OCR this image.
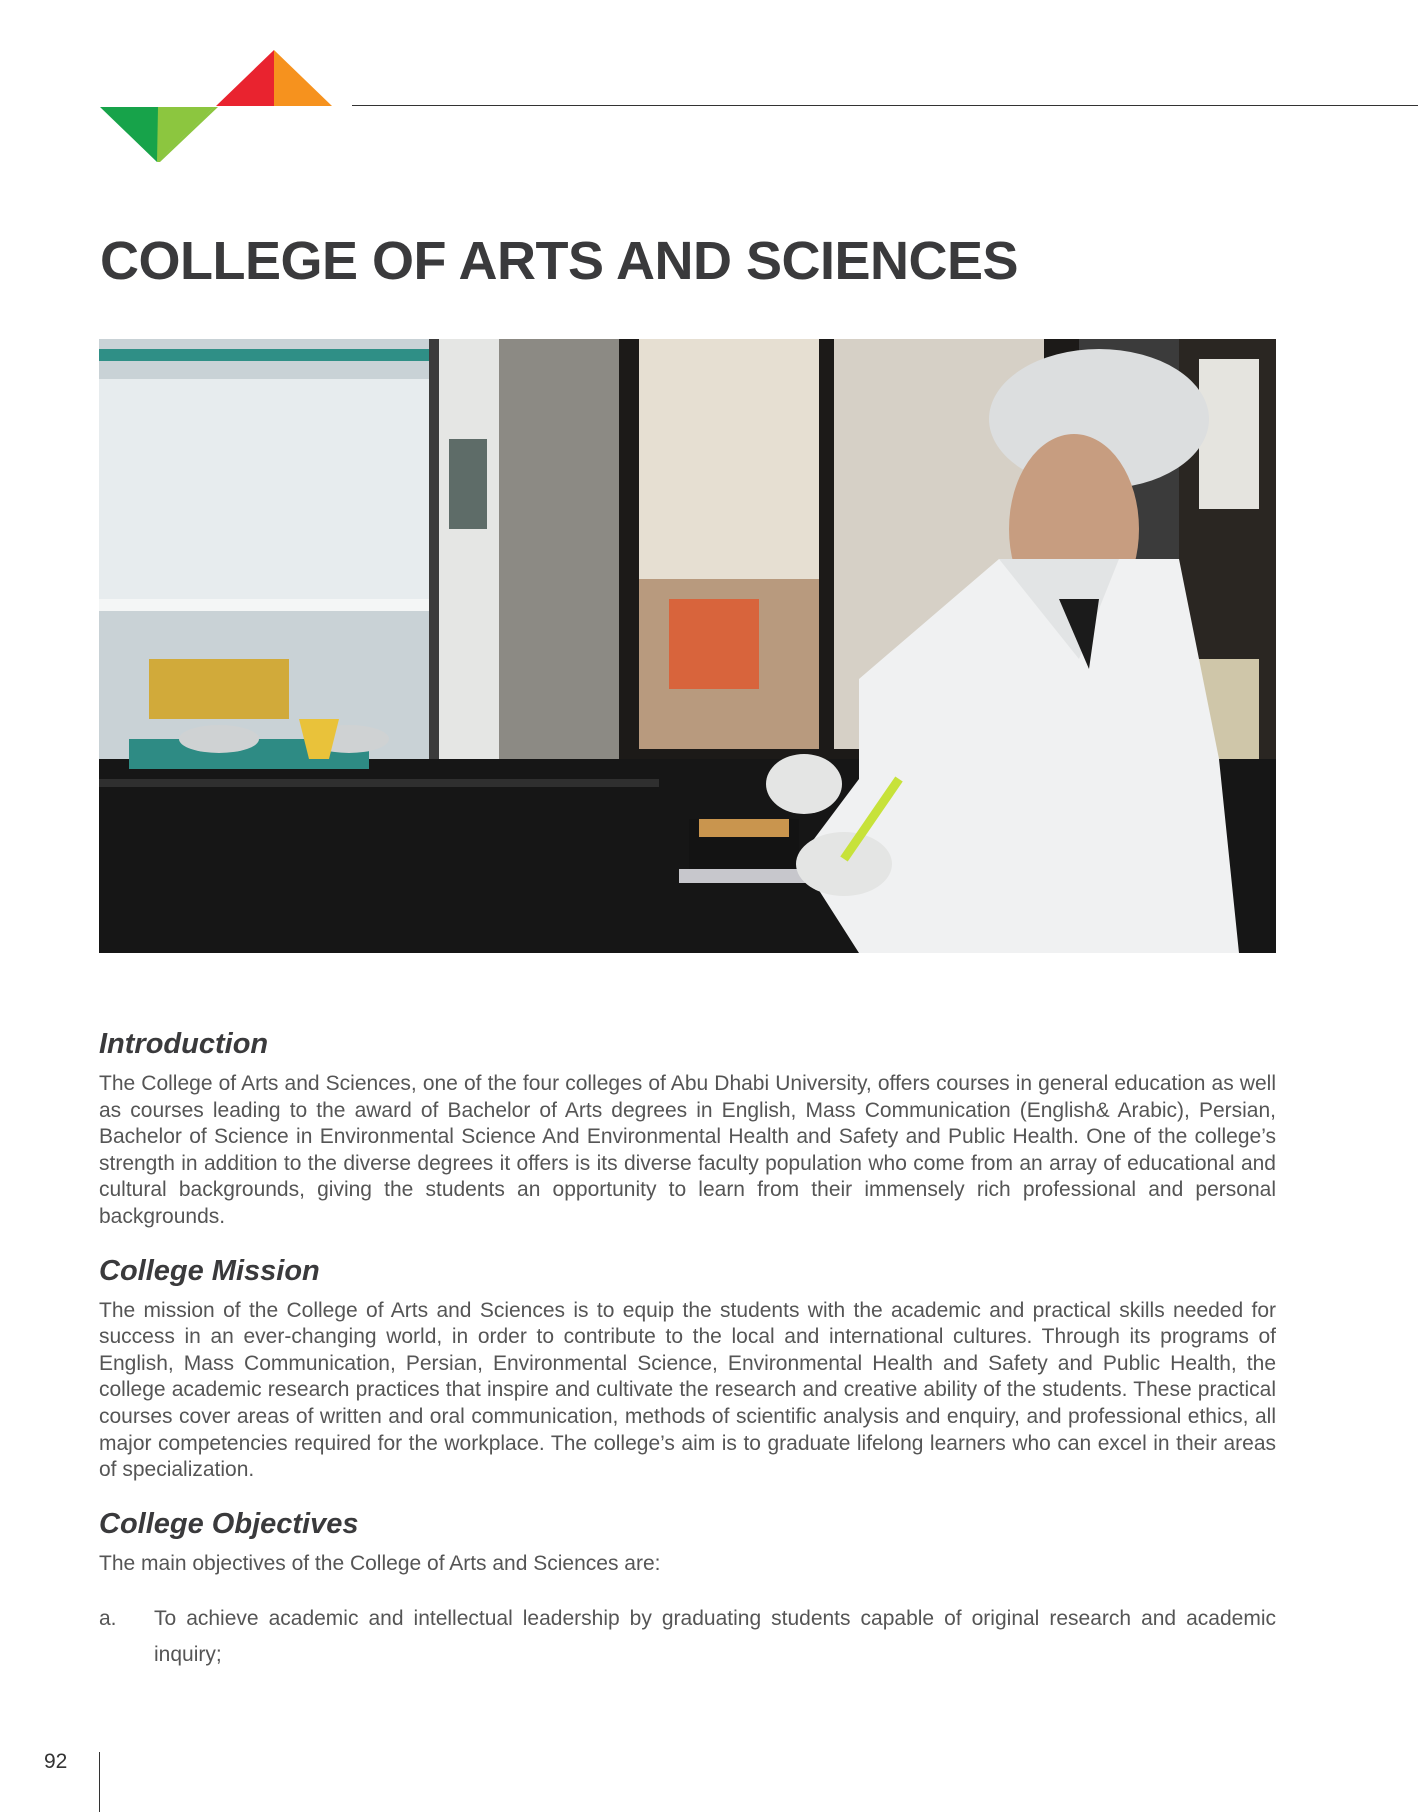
COLLEGE OF ARTS AND SCIENCES
Introduction

The College of Arts and Sciences, one of the four colleges of Abu Dhabi University, offers courses in general education as well as courses leading to the award of Bachelor of Arts degrees in English, Mass Communication (English& Arabic), Persian, Bachelor of Science in Environmental Science And Environmental Health and Safety and Public Health. One of the college’s strength in addition to the diverse degrees it offers is its diverse faculty population who come from an array of educational and cultural backgrounds, giving the students an opportunity to learn from their immensely rich professional and personal backgrounds.

College Mission

The mission of the College of Arts and Sciences is to equip the students with the academic and practical skills needed for success in an ever-changing world, in order to contribute to the local and international cultures. Through its programs of English, Mass Communication, Persian, Environmental Science, Environmental Health and Safety and Public Health, the college academic research practices that inspire and cultivate the research and creative ability of the students. These practical courses cover areas of written and oral communication, methods of scientific analysis and enquiry, and professional ethics, all major competencies required for the workplace. The college’s aim is to graduate lifelong learners who can excel in their areas of specialization.

College Objectives

The main objectives of the College of Arts and Sciences are:

a.	To achieve academic and intellectual leadership by graduating students capable of original research and academic inquiry;
92
